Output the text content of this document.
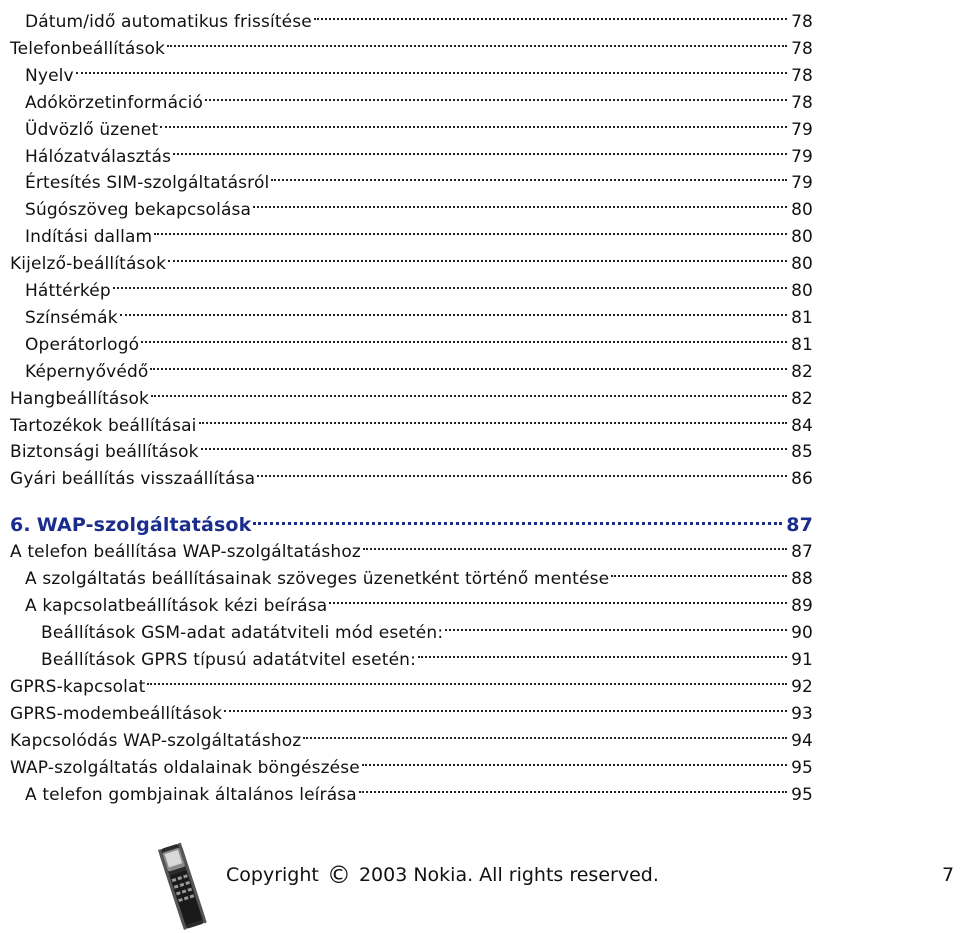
Dátum/idő automatikus frissítése	78
Telefonbeállítások	78
Nyelv	78
Adókörzetinformáció	78
Üdvözlő üzenet	79
Hálózatválasztás	79
Értesítés SIM-szolgáltatásról	79
Súgószöveg bekapcsolása	80
Indítási dallam	80
Kijelző-beállítások	80
Háttérkép	80
Színsémák	81
Operátorlogó	81
Képernyővédő	82
Hangbeállítások	82
Tartozékok beállításai	84
Biztonsági beállítások	85
Gyári beállítás visszaállítása	86
6. WAP-szolgáltatások	87
A telefon beállítása WAP-szolgáltatáshoz	87
A szolgáltatás beállításainak szöveges üzenetként történő mentése	88
A kapcsolatbeállítások kézi beírása	89
Beállítások GSM-adat adatátviteli mód esetén:	90
Beállítások GPRS típusú adatátvitel esetén:	91
GPRS-kapcsolat	92
GPRS-modembeállítások	93
Kapcsolódás WAP-szolgáltatáshoz	94
WAP-szolgáltatás oldalainak böngészése	95
A telefon gombjainak általános leírása	95
Copyright © 2003 Nokia. All rights reserved.	7
